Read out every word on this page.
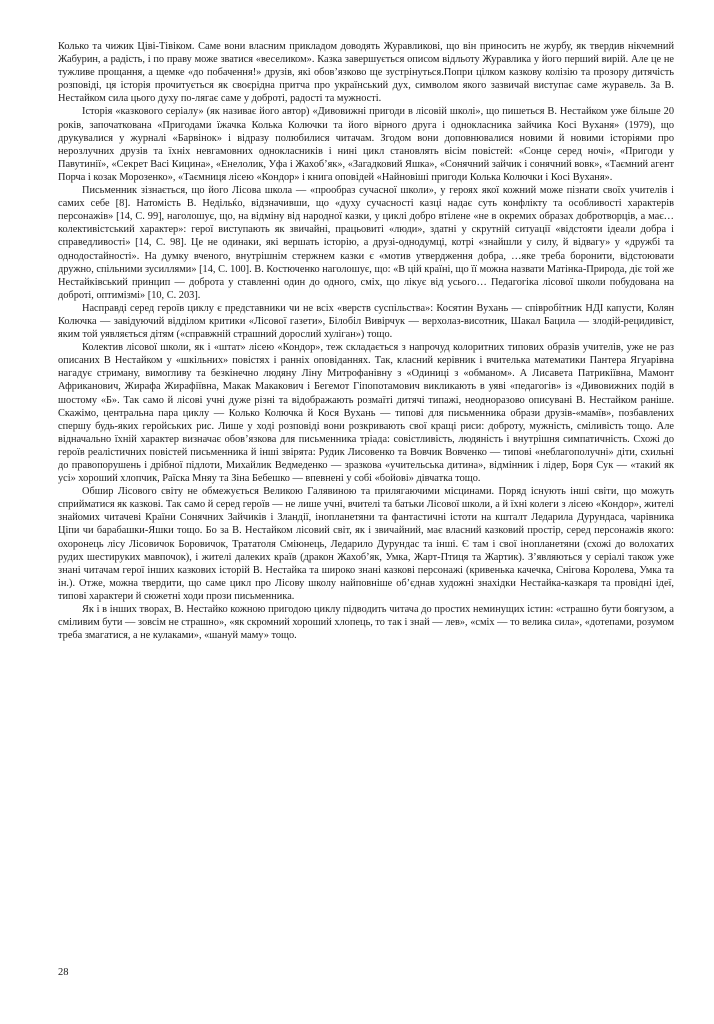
Колько та чижик Ціві-Тівіком. Саме вони власним прикладом доводять Журавликові, що він приносить не журбу, як твердив нікчемний Жабурин, а радість, і по праву може зватися «веселиком». Казка завершується описом відльоту Журавлика у його перший вирій. Але це не тужливе прощання, а щемке «до побачення!» друзів, які обов’язково ще зустрінуться.Попри цілком казкову колізію та прозору дитячість розповіді, ця історія прочитується як своєрідна притча про український дух, символом якого зазвичай виступає саме журавель. За В. Нестайком сила цього духу по-лягає саме у доброті, радості та мужності.

Історія «казкового серіалу» (як називає його автор) «Дивовижні пригоди в лісовій школі», що пишеться В. Нестайком уже більше 20 років, започаткована «Пригодами їжачка Колька Колючки та його вірного друга і однокласника зайчика Косі Вуханя» (1979), що друкувалися у журналі «Барвінок» і відразу полюбилися читачам. Згодом вони доповнювалися новими й новими історіями про нерозлучних друзів та їхніх невгамовних однокласників і нині цикл становлять вісім повістей: «Сонце серед ночі», «Пригоди у Павутинії», «Секрет Васі Кицина», «Енелолик, Уфа і Жахоб’як», «Загадковий Яшка», «Сонячний зайчик і сонячний вовк», «Таємний агент Порча і козак Морозенко», «Таємниця лісею «Кондор» і книга оповідей «Найновіші пригоди Колька Колючки і Косі Вуханя».

Письменник зізнається, що його Лісова школа — «прообраз сучасної школи», у героях якої кожний може пізнати своїх учителів і самих себе [8]. Натомість В. Недільќо, відзначивши, що «духу сучасності казці надає суть конфлікту та особливості характерів персонажів» [14, С. 99], наголошує, що, на відміну від народної казки, у циклі добро втілене «не в окремих образах добротворців, а має… колективістський характер»: герої виступають як звичайні, працьовиті «люди», здатні у скрутній ситуації «відстояти ідеали добра і справедливості» [14, С. 98]. Це не одинаки, які вершать історію, а друзі-однодумці, котрі «знайшли у силу, й відвагу» у «дружбі та однодостайності». На думку вченого, внутрішнім стержнем казки є «мотив утвердження добра, …яке треба боронити, відстоювати дружно, спільними зусиллями» [14, С. 100]. В. Костюченко наголошує, що: «В цій країні, що її можна назвати Матінка-Природа, діє той же Нестайківський принцип — доброта у ставленні один до одного, сміх, що лікує від усього… Педагогіка лісової школи побудована на доброті, оптимізмі» [10, С. 203].

Насправді серед героїв циклу є представники чи не всіх «верств суспільства»: Косятин Вухань — співробітник НДІ капусти, Колян Колючка — завідуючий відділом критики «Лісової газети», Білобіл Вивірчук — верхолаз-висотник, Шакал Бацила — злодій-рецидивіст, яким той уявляється дітям («справжній страшний дорослий хуліган») тощо.

Колектив лісової школи, як і «штат» лісею «Кондор», теж складається з напрочуд колоритних типових образів учителів, уже не раз описаних В Нестайком у «шкільних» повістях і ранніх оповіданнях. Так, класний керівник і вчителька математики Пантера Ягуарівна нагадує стриману, вимогливу та безкінечно людяну Ліну Митрофанівну з «Одиниці з «обманом». А Лисавета Патрикіївна, Мамонт Африканович, Жирафа Жирафіївна, Макак Макакович і Бегемот Гіпопотамович викликають в уяві «педагогів» із «Дивовижних подій в шостому «Б». Так само й лісові учні дуже різні та відображають розмаїті дитячі типажі, неодноразово описувані В. Нестайком раніше. Скажімо, центральна пара циклу — Колько Колючка й Кося Вухань — типові для письменника образи друзів-«мамїв», позбавлених спершу будь-яких геройських рис. Лише у ході розповіді вони розкривають свої кращі риси: доброту, мужність, сміливість тощо. Але відначально їхній характер визначає обов’язкова для письменника тріада: совістливість, людяність і внутрішня симпатичність. Схожі до героїв реалістичних повістей письменника й інші звірята: Рудик Лисовенко та Вовчик Вовченко — типові «неблагополучні» діти, схильні до правопорушень і дрібної підлоти, Михайлик Ведмеденко — зразкова «учительська дитина», відмінник і лідер, Боря Сук — «такий як усі» хороший хлопчик, Раїска Мняу та Зіна Бебешко — впевнені у собі «бойові» дівчатка тощо.

Обшир Лісового світу не обмежується Великою Галявиною та прилягаючими місцинами. Поряд існують інші світи, що можуть сприйматися як казкові. Так само й серед героїв — не лише учні, вчителі та батьки Лісової школи, а й їхні колеги з лісею «Кондор», жителі знайомих читачеві Країни Сонячних Зайчиків і Зландії, інопланетяни та фантастичні істоти на кшталт Ледарила Дурундаса, чарівника Ціпи чи барабашки-Яшки тощо. Бо за В. Нестайком лісовий світ, як і звичайний, має власний казковий простір, серед персонажів якого: охоронець лісу Лісовичок Боровичок, Трататоля Сміюнець, Ледарило Дурундас та інші. Є там і свої інопланетяни (схожі до волохатих рудих шестируких мавпочок), і жителі далеких країв (дракон Жахоб’як, Умка, Жарт-Птиця та Жартик). З’являються у серіалі також уже знані читачам герої інших казкових історій В. Нестайка та широко знані казкові персонажі (кривенька качечка, Снігова Королева, Умка та ін.). Отже, можна твердити, що саме цикл про Лісову школу найповніше об’єднав художні знахідки Нестайка-казкаря та провідні ідеї, типові характери й сюжетні ходи прози письменника.

Як і в інших творах, В. Нестайко кожною пригодою циклу підводить читача до простих неминущих істин: «страшно бути боягузом, а сміливим бути — зовсім не страшно», «як скромний хороший хлопець, то так і знай — лев», «сміх — то велика сила», «дотепами, розумом треба змагатися, а не кулаками», «шануй маму» тощо.

28
